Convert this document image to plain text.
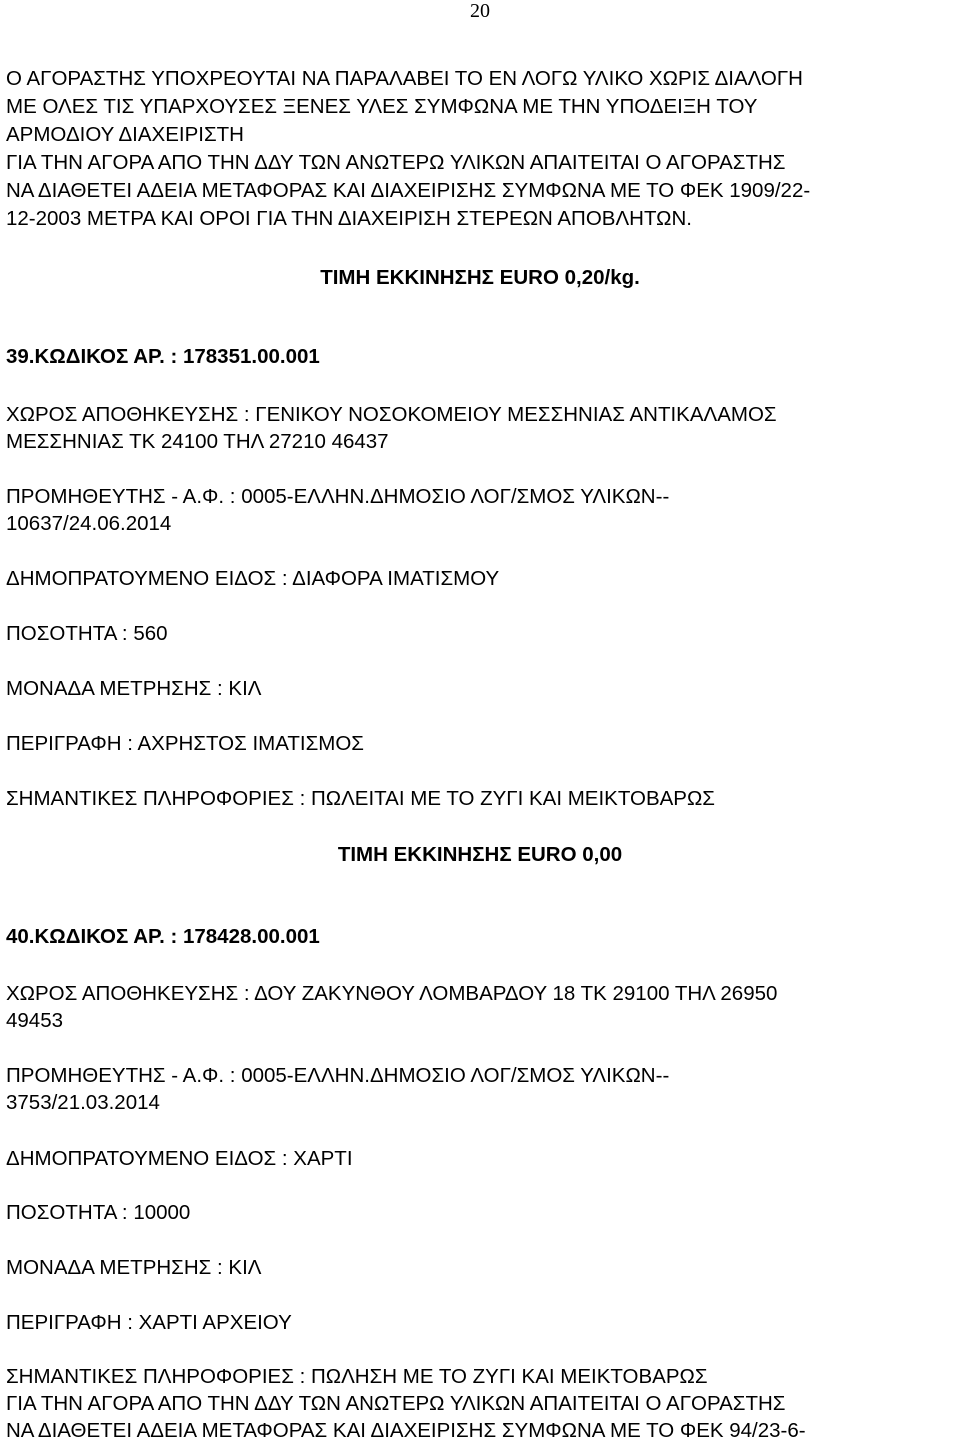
20
Ο ΑΓΟΡΑΣΤΗΣ ΥΠΟΧΡΕΟΥΤΑΙ ΝΑ ΠΑΡΑΛΑΒΕΙ ΤΟ ΕΝ ΛΟΓΩ ΥΛΙΚΟ ΧΩΡΙΣ ΔΙΑΛΟΓΗ
ΜΕ ΟΛΕΣ ΤΙΣ ΥΠΑΡΧΟΥΣΕΣ ΞΕΝΕΣ ΥΛΕΣ ΣΥΜΦΩΝΑ ΜΕ ΤΗΝ ΥΠΟΔΕΙΞΗ ΤΟΥ
ΑΡΜΟΔΙΟΥ ΔΙΑΧΕΙΡΙΣΤΗ
ΓΙΑ ΤΗΝ ΑΓΟΡΑ ΑΠΟ ΤΗΝ ΔΔΥ ΤΩΝ ΑΝΩΤΕΡΩ ΥΛΙΚΩΝ ΑΠΑΙΤΕΙΤΑΙ Ο ΑΓΟΡΑΣΤΗΣ
ΝΑ ΔΙΑΘΕΤΕΙ ΑΔΕΙΑ ΜΕΤΑΦΟΡΑΣ ΚΑΙ ΔΙΑΧΕΙΡΙΣΗΣ ΣΥΜΦΩΝΑ ΜΕ ΤΟ ΦΕΚ 1909/22-
12-2003 ΜΕΤΡΑ ΚΑΙ ΟΡΟΙ ΓΙΑ ΤΗΝ ΔΙΑΧΕΙΡΙΣΗ ΣΤΕΡΕΩΝ ΑΠΟΒΛΗΤΩΝ.
ΤΙΜΗ ΕΚΚΙΝΗΣΗΣ EURO 0,20/kg.
39.ΚΩΔΙΚΟΣ ΑΡ. : 178351.00.001
ΧΩΡΟΣ ΑΠΟΘΗΚΕΥΣΗΣ : ΓΕΝΙΚΟΥ ΝΟΣΟΚΟΜΕΙΟΥ ΜΕΣΣΗΝΙΑΣ ΑΝΤΙΚΑΛΑΜΟΣ
ΜΕΣΣΗΝΙΑΣ ΤΚ 24100 ΤΗΛ 27210 46437
ΠΡΟΜΗΘΕΥΤΗΣ - Α.Φ. : 0005-ΕΛΛΗΝ.ΔΗΜΟΣΙΟ ΛΟΓ/ΣΜΟΣ ΥΛΙΚΩΝ--
10637/24.06.2014
ΔΗΜΟΠΡΑΤΟΥΜΕΝΟ ΕΙΔΟΣ : ΔΙΑΦΟΡΑ ΙΜΑΤΙΣΜΟΥ
ΠΟΣΟΤΗΤΑ : 560
ΜΟΝΑΔΑ ΜΕΤΡΗΣΗΣ : ΚΙΛ
ΠΕΡΙΓΡΑΦΗ : ΑΧΡΗΣΤΟΣ ΙΜΑΤΙΣΜΟΣ
ΣΗΜΑΝΤΙΚΕΣ ΠΛΗΡΟΦΟΡΙΕΣ : ΠΩΛΕΙΤΑΙ ΜΕ ΤΟ ΖΥΓΙ ΚΑΙ ΜΕΙΚΤΟΒΑΡΩΣ
ΤΙΜΗ ΕΚΚΙΝΗΣΗΣ EURO 0,00
40.ΚΩΔΙΚΟΣ ΑΡ. : 178428.00.001
ΧΩΡΟΣ ΑΠΟΘΗΚΕΥΣΗΣ : ΔΟΥ ΖΑΚΥΝΘΟΥ ΛΟΜΒΑΡΔΟΥ 18 ΤΚ 29100 ΤΗΛ 26950
49453
ΠΡΟΜΗΘΕΥΤΗΣ - Α.Φ. : 0005-ΕΛΛΗΝ.ΔΗΜΟΣΙΟ ΛΟΓ/ΣΜΟΣ ΥΛΙΚΩΝ--
3753/21.03.2014
ΔΗΜΟΠΡΑΤΟΥΜΕΝΟ ΕΙΔΟΣ : ΧΑΡΤΙ
ΠΟΣΟΤΗΤΑ : 10000
ΜΟΝΑΔΑ ΜΕΤΡΗΣΗΣ : ΚΙΛ
ΠΕΡΙΓΡΑΦΗ : ΧΑΡΤΙ ΑΡΧΕΙΟΥ
ΣΗΜΑΝΤΙΚΕΣ ΠΛΗΡΟΦΟΡΙΕΣ : ΠΩΛΗΣΗ ΜΕ ΤΟ ΖΥΓΙ ΚΑΙ ΜΕΙΚΤΟΒΑΡΩΣ
ΓΙΑ ΤΗΝ ΑΓΟΡΑ ΑΠΟ ΤΗΝ ΔΔΥ ΤΩΝ ΑΝΩΤΕΡΩ ΥΛΙΚΩΝ ΑΠΑΙΤΕΙΤΑΙ Ο ΑΓΟΡΑΣΤΗΣ
ΝΑ ΔΙΑΘΕΤΕΙ ΑΔΕΙΑ ΜΕΤΑΦΟΡΑΣ ΚΑΙ ΔΙΑΧΕΙΡΙΣΗΣ ΣΥΜΦΩΝΑ ΜΕ ΤΟ ΦΕΚ 94/23-6-
